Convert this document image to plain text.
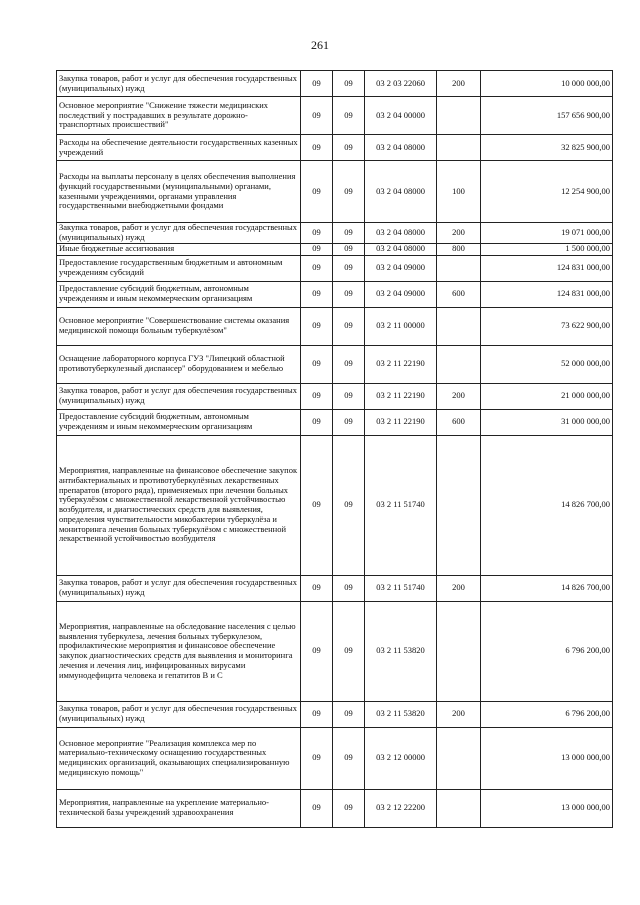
261
Закупка товаров, работ и услуг для обеспечения государственных (муниципальных) нужд	09	09	03 2 03 22060	200	10 000 000,00
Основное мероприятие "Снижение тяжести медицинских последствий у пострадавших в результате дорожно-транспортных происшествий"	09	09	03 2 04 00000		157 656 900,00
Расходы на обеспечение деятельности государственных казенных учреждений	09	09	03 2 04 08000		32 825 900,00
Расходы на выплаты персоналу в целях обеспечения выполнения функций государственными (муниципальными) органами, казенными учреждениями, органами управления государственными внебюджетными фондами	09	09	03 2 04 08000	100	12 254 900,00
Закупка товаров, работ и услуг для обеспечения государственных (муниципальных) нужд	09	09	03 2 04 08000	200	19 071 000,00
Иные бюджетные ассигнования	09	09	03 2 04 08000	800	1 500 000,00
Предоставление государственным бюджетным и автономным учреждениям субсидий	09	09	03 2 04 09000		124 831 000,00
Предоставление субсидий бюджетным, автономным учреждениям и иным некоммерческим организациям	09	09	03 2 04 09000	600	124 831 000,00
Основное мероприятие "Совершенствование системы оказания медицинской помощи больным туберкулёзом"	09	09	03 2 11 00000		73 622 900,00
Оснащение лабораторного корпуса ГУЗ "Липецкий областной противотуберкулезный диспансер" оборудованием и мебелью	09	09	03 2 11 22190		52 000 000,00
Закупка товаров, работ и услуг для обеспечения государственных (муниципальных) нужд	09	09	03 2 11 22190	200	21 000 000,00
Предоставление субсидий бюджетным, автономным учреждениям и иным некоммерческим организациям	09	09	03 2 11 22190	600	31 000 000,00
Мероприятия, направленные на финансовое обеспечение закупок антибактериальных и противотуберкулёзных лекарственных препаратов (второго ряда), применяемых при лечении больных туберкулёзом с множественной лекарственной устойчивостью возбудителя, и диагностических средств для выявления, определения чувствительности микобактерии туберкулёза и мониторинга лечения больных туберкулёзом с множественной лекарственной устойчивостью возбудителя	09	09	03 2 11 51740		14 826 700,00
Закупка товаров, работ и услуг для обеспечения государственных (муниципальных) нужд	09	09	03 2 11 51740	200	14 826 700,00
Мероприятия, направленные на обследование населения с целью выявления туберкулеза, лечения больных туберкулезом, профилактические мероприятия и финансовое обеспечение закупок диагностических средств для выявления и мониторинга лечения и лечения лиц, инфицированных вирусами иммунодефицита человека и гепатитов В и С	09	09	03 2 11 53820		6 796 200,00
Закупка товаров, работ и услуг для обеспечения государственных (муниципальных) нужд	09	09	03 2 11 53820	200	6 796 200,00
Основное мероприятие "Реализация комплекса мер по материально-техническому оснащению государственных медицинских организаций, оказывающих специализированную медицинскую помощь"	09	09	03 2 12 00000		13 000 000,00
Мероприятия, направленные на укрепление материально-технической базы учреждений здравоохранения	09	09	03 2 12 22200		13 000 000,00
